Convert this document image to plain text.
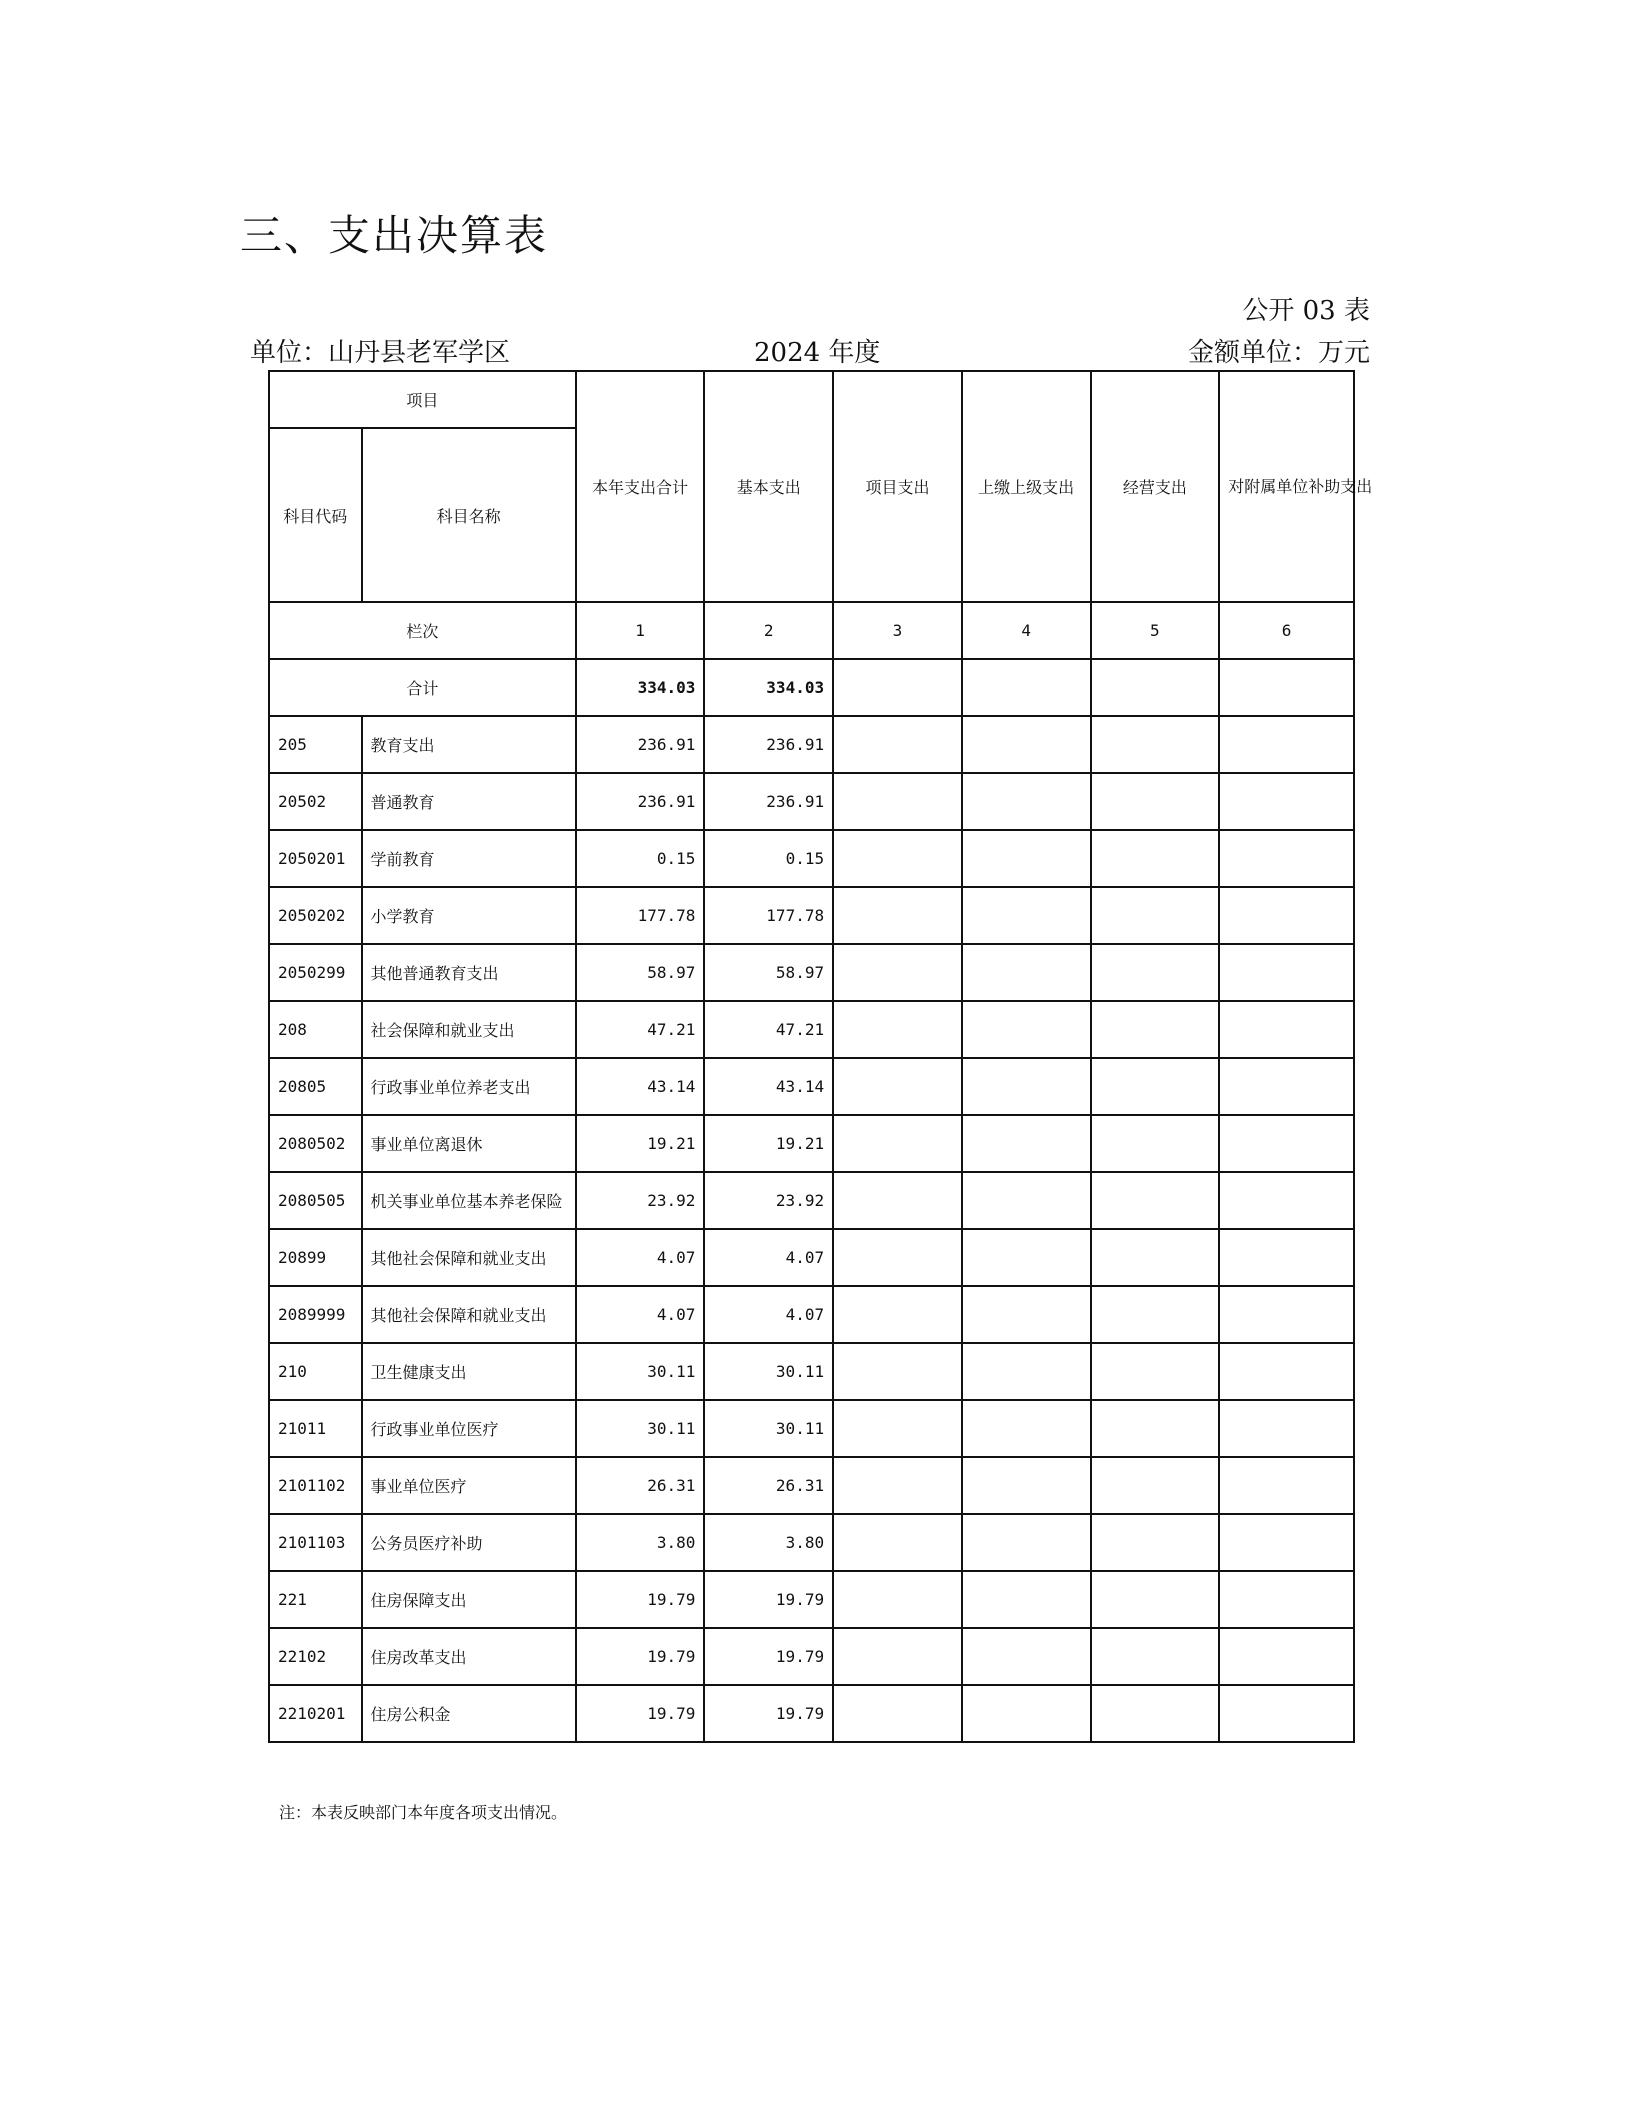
三、支出决算表
公开 03 表
单位：山丹县老军学区	2024 年度	金额单位：万元
项目		本年支出合计	基本支出	项目支出	上缴上级支出	经营支出	对附属单位补助支出
科目代码	科目名称						
栏次		1	2	3	4	5	6
合计		334.03	334.03				
205	教育支出	236.91	236.91				
20502	普通教育	236.91	236.91				
2050201	学前教育	0.15	0.15				
2050202	小学教育	177.78	177.78				
2050299	其他普通教育支出	58.97	58.97				
208	社会保障和就业支出	47.21	47.21				
20805	行政事业单位养老支出	43.14	43.14				
2080502	事业单位离退休	19.21	19.21				
2080505	机关事业单位基本养老保险	23.92	23.92				
20899	其他社会保障和就业支出	4.07	4.07				
2089999	其他社会保障和就业支出	4.07	4.07				
210	卫生健康支出	30.11	30.11				
21011	行政事业单位医疗	30.11	30.11				
2101102	事业单位医疗	26.31	26.31				
2101103	公务员医疗补助	3.80	3.80				
221	住房保障支出	19.79	19.79				
22102	住房改革支出	19.79	19.79				
2210201	住房公积金	19.79	19.79				
注：本表反映部门本年度各项支出情况。
